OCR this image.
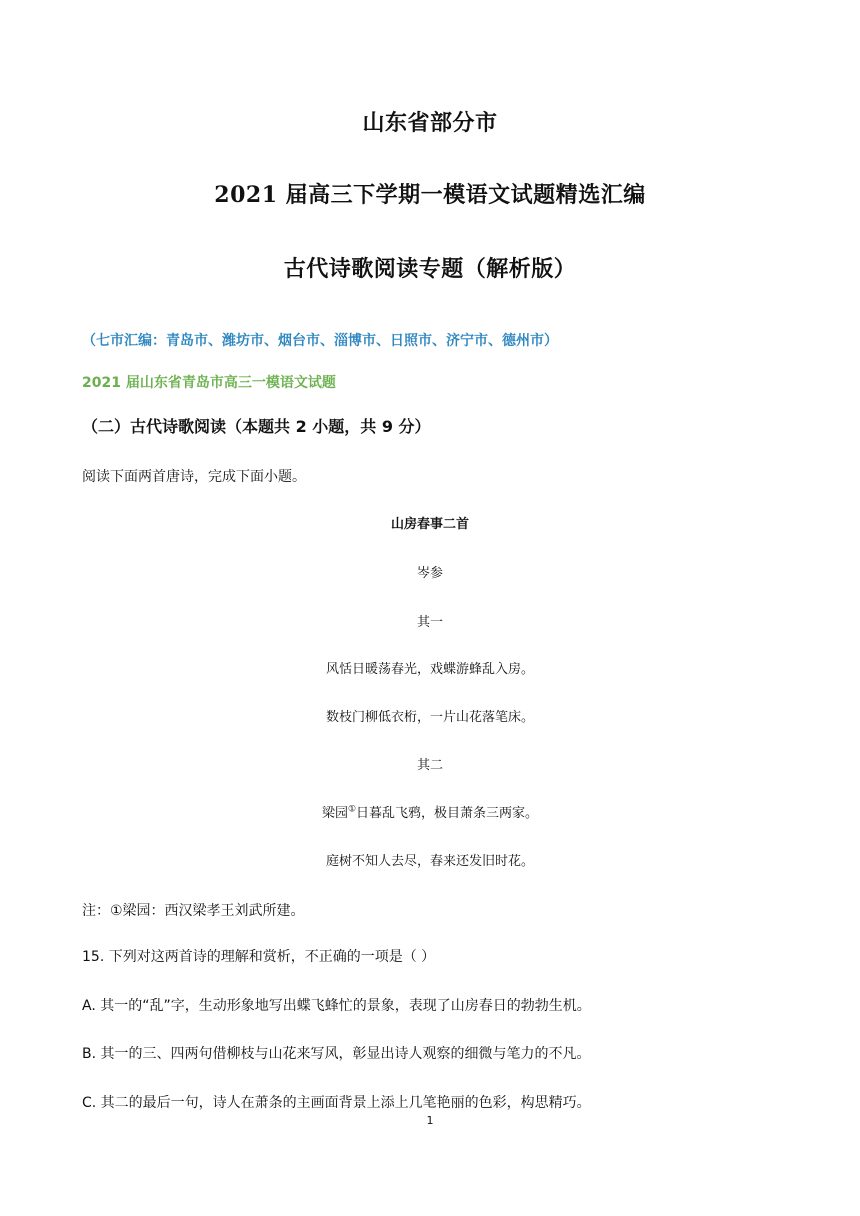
山东省部分市
2021 届高三下学期一模语文试题精选汇编
古代诗歌阅读专题（解析版）
（七市汇编：青岛市、潍坊市、烟台市、淄博市、日照市、济宁市、德州市）
2021 届山东省青岛市高三一模语文试题
（二）古代诗歌阅读（本题共 2 小题，共 9 分）
阅读下面两首唐诗，完成下面小题。
山房春事二首
岑参
其一
风恬日暖荡春光，戏蝶游蜂乱入房。
数枝门柳低衣桁，一片山花落笔床。
其二
梁园①日暮乱飞鸦，极目萧条三两家。
庭树不知人去尽，春来还发旧时花。
注：①梁园：西汉梁孝王刘武所建。
15. 下列对这两首诗的理解和赏析，不正确的一项是（ ）
A. 其一的“乱”字，生动形象地写出蝶飞蜂忙的景象，表现了山房春日的勃勃生机。
B. 其一的三、四两句借柳枝与山花来写风，彰显出诗人观察的细微与笔力的不凡。
C. 其二的最后一句，诗人在萧条的主画面背景上添上几笔艳丽的色彩，构思精巧。
1
